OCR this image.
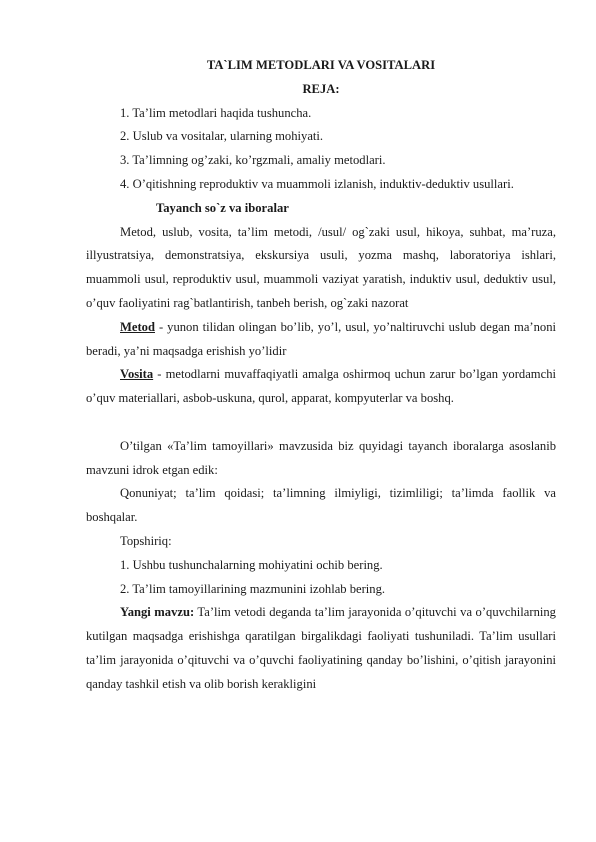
TA`LIM METODLARI VA VOSITALARI

REJA:

1. Ta’lim metodlari haqida tushuncha.

2. Uslub va vositalar, ularning mohiyati.

3. Ta’limning og’zaki, ko’rgzmali, amaliy metodlari.

4. O’qitishning reproduktiv va muammoli izlanish, induktiv-deduktiv usullari.

Tayanch so`z va iboralar

Metod, uslub, vosita, ta’lim metodi, /usul/ og`zaki usul, hikoya, suhbat, ma’ruza, illyustratsiya, demonstratsiya, ekskursiya usuli, yozma mashq, laboratoriya ishlari, muammoli usul, reproduktiv usul, muammoli vaziyat yaratish, induktiv usul, deduktiv usul, o’quv faoliyatini rag`batlantirish, tanbeh berish, og`zaki nazorat

Metod - yunon tilidan olingan bo’lib, yo’l, usul, yo’naltiruvchi uslub degan ma’noni beradi, ya’ni maqsadga erishish yo’lidir

Vosita - metodlarni muvaffaqiyatli amalga oshirmoq uchun zarur bo’lgan yordamchi o’quv materiallari, asbob-uskuna, qurol, apparat, kompyuterlar va boshq.

O’tilgan «Ta’lim tamoyillari» mavzusida biz quyidagi tayanch iboralarga asoslanib mavzuni idrok etgan edik:

Qonuniyat; ta’lim qoidasi; ta’limning ilmiyligi, tizimliligi; ta’limda faollik va boshqalar.

Topshiriq:

1. Ushbu tushunchalarning mohiyatini ochib bering.

2. Ta’lim tamoyillarining mazmunini izohlab bering.

Yangi mavzu: Ta’lim vetodi deganda ta’lim jarayonida o’qituvchi va o’quvchilarning kutilgan maqsadga erishishga qaratilgan birgalikdagi faoliyati tushuniladi. Ta’lim usullari ta’lim jarayonida o’qituvchi va o’quvchi faoliyatining qanday bo’lishini, o’qitish jarayonini qanday tashkil etish va olib borish kerakligini
